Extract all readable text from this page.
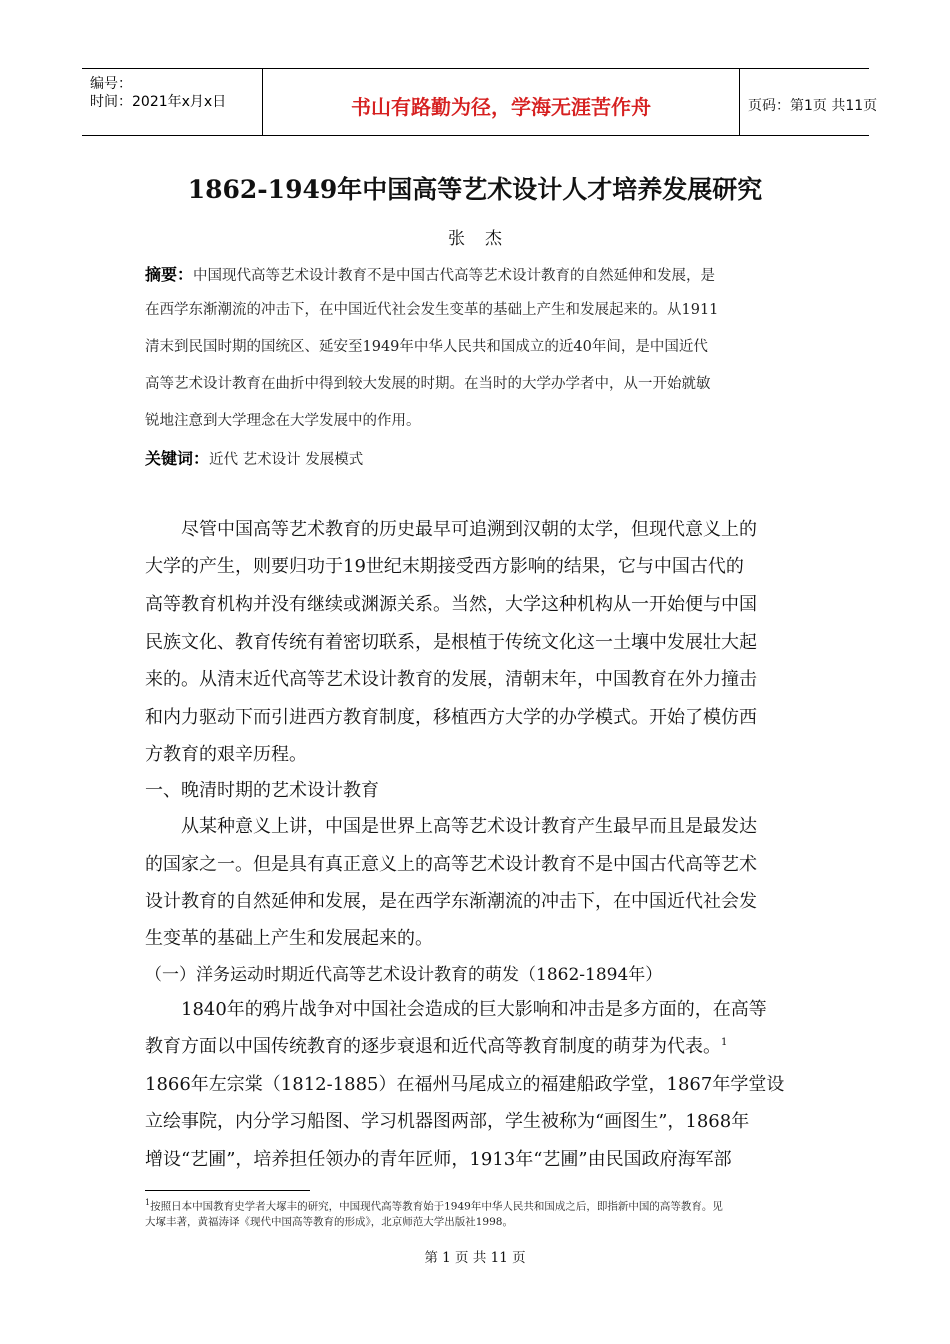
编号：
时间：2021年x月x日	书山有路勤为径，学海无涯苦作舟	页码：第1页 共11页
1862-1949年中国高等艺术设计人才培养发展研究
张杰
摘要：中国现代高等艺术设计教育不是中国古代高等艺术设计教育的自然延伸和发展，是
在西学东渐潮流的冲击下，在中国近代社会发生变革的基础上产生和发展起来的。从1911
清末到民国时期的国统区、延安至1949年中华人民共和国成立的近40年间，是中国近代
高等艺术设计教育在曲折中得到较大发展的时期。在当时的大学办学者中，从一开始就敏
锐地注意到大学理念在大学发展中的作用。
关键词：近代 艺术设计 发展模式
　　尽管中国高等艺术教育的历史最早可追溯到汉朝的太学，但现代意义上的
大学的产生，则要归功于19世纪末期接受西方影响的结果，它与中国古代的
高等教育机构并没有继续或渊源关系。当然，大学这种机构从一开始便与中国
民族文化、教育传统有着密切联系，是根植于传统文化这一土壤中发展壮大起
来的。从清末近代高等艺术设计教育的发展，清朝末年，中国教育在外力撞击
和内力驱动下而引进西方教育制度，移植西方大学的办学模式。开始了模仿西
方教育的艰辛历程。
一、晚清时期的艺术设计教育
　　从某种意义上讲，中国是世界上高等艺术设计教育产生最早而且是最发达
的国家之一。但是具有真正意义上的高等艺术设计教育不是中国古代高等艺术
设计教育的自然延伸和发展，是在西学东渐潮流的冲击下，在中国近代社会发
生变革的基础上产生和发展起来的。
（一）洋务运动时期近代高等艺术设计教育的萌发（1862-1894年）
　　1840年的鸦片战争对中国社会造成的巨大影响和冲击是多方面的，在高等
教育方面以中国传统教育的逐步衰退和近代高等教育制度的萌芽为代表。$^1$
1866年左宗棠（1812-1885）在福州马尾成立的福建船政学堂，1867年学堂设
立绘事院，内分学习船图、学习机器图两部，学生被称为“画图生”，1868年
增设“艺圃”，培养担任领办的青年匠师，1913年“艺圃”由民国政府海军部
$^1$按照日本中国教育史学者大塚丰的研究，中国现代高等教育始于1949年中华人民共和国成之后，即指新中国的高等教育。见
大塚丰著，黄福涛译《现代中国高等教育的形成》，北京师范大学出版社1998。
第 1 页 共 11 页
